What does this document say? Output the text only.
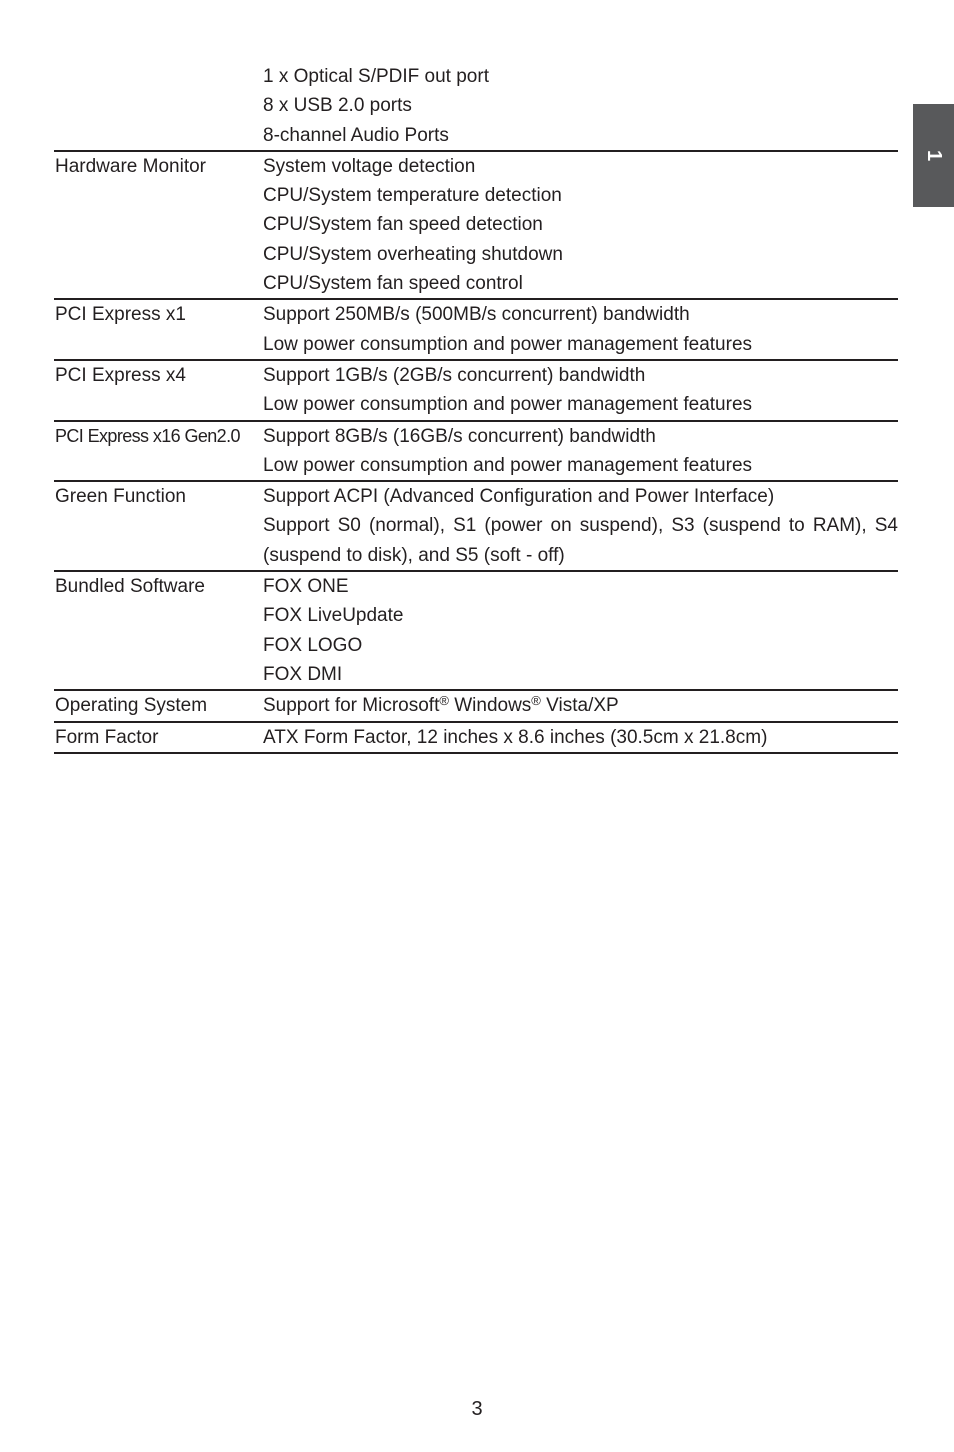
1
1 x Optical S/PDIF out port
8 x USB 2.0 ports
8-channel Audio Ports
Hardware Monitor	System voltage detection
CPU/System temperature detection
CPU/System fan speed detection
CPU/System overheating shutdown
CPU/System fan speed control
PCI Express x1	Support 250MB/s (500MB/s concurrent) bandwidth
Low power consumption and power management features
PCI Express x4	Support 1GB/s (2GB/s concurrent) bandwidth
Low power consumption and power management features
PCI Express x16 Gen2.0	Support 8GB/s (16GB/s concurrent) bandwidth
Low power consumption and power management features
Green Function	Support ACPI (Advanced Configuration and Power Interface)
Support S0 (normal), S1 (power on suspend), S3 (suspend to RAM), S4
(suspend to disk), and S5 (soft - off)
Bundled Software	FOX ONE
FOX LiveUpdate
FOX LOGO
FOX DMI
Operating System	Support for Microsoft® Windows® Vista/XP
Form Factor	ATX Form Factor, 12 inches x 8.6 inches (30.5cm x 21.8cm)
3
